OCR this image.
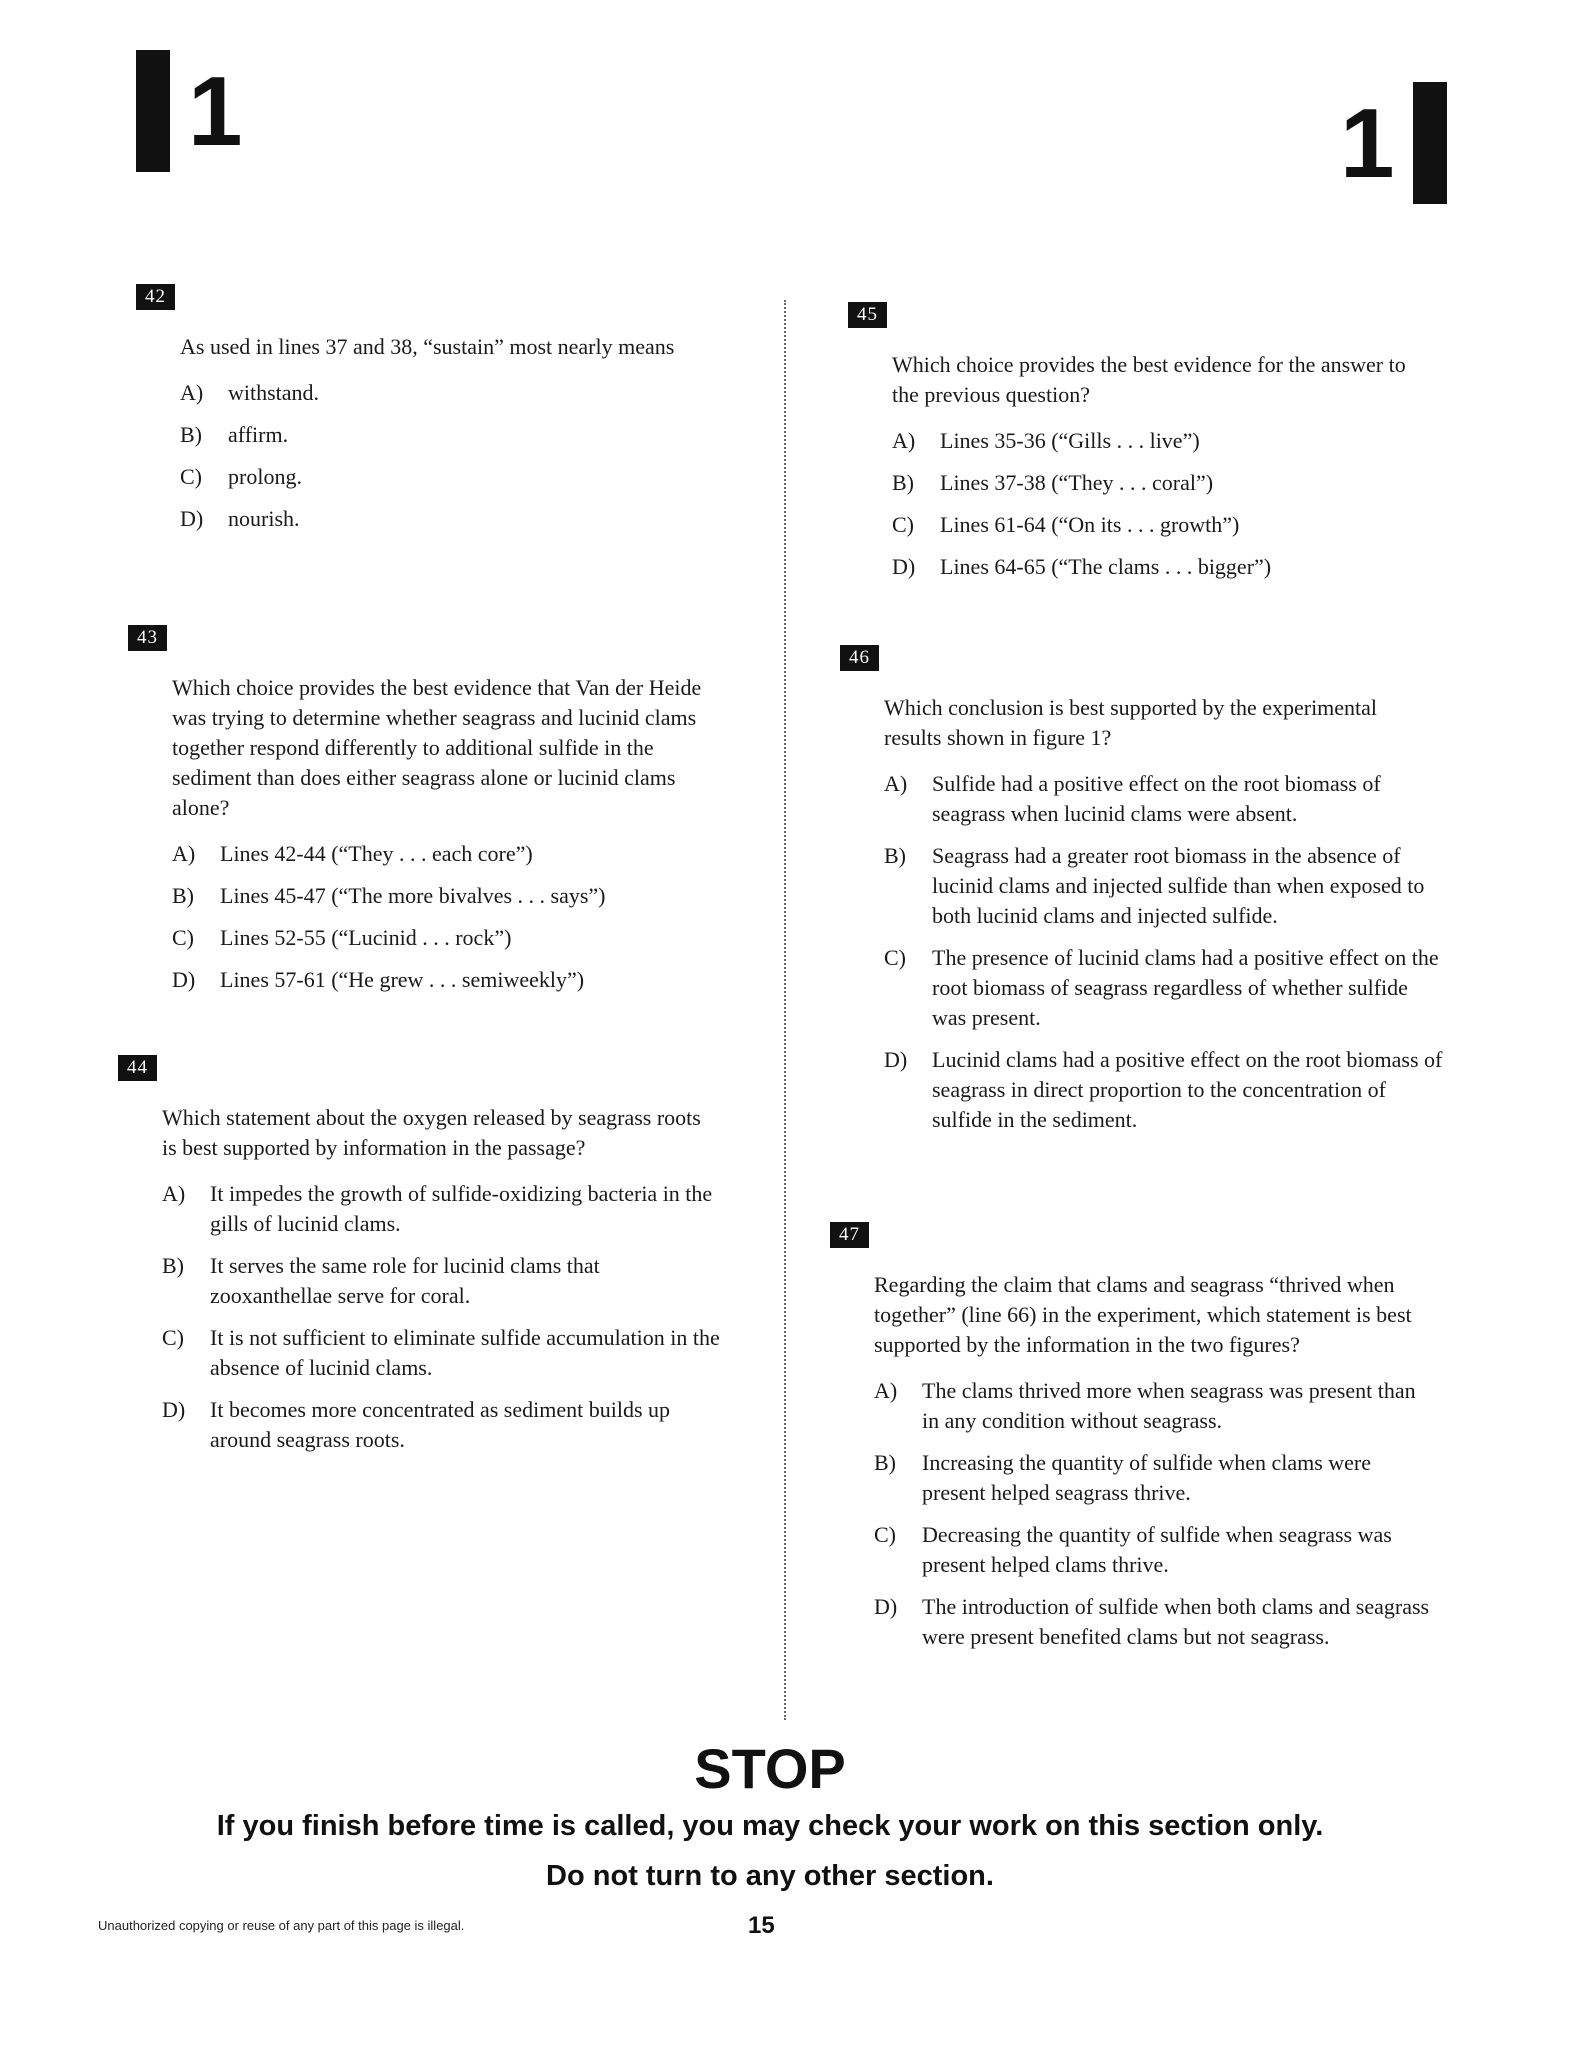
1	1
42
As used in lines 37 and 38, “sustain” most nearly means
A)	withstand.
B)	affirm.
C)	prolong.
D)	nourish.
43
Which choice provides the best evidence that Van der Heide was trying to determine whether seagrass and lucinid clams together respond differently to additional sulfide in the sediment than does either seagrass alone or lucinid clams alone?
A)	Lines 42-44 (“They . . . each core”)
B)	Lines 45-47 (“The more bivalves . . . says”)
C)	Lines 52-55 (“Lucinid . . . rock”)
D)	Lines 57-61 (“He grew . . . semiweekly”)
44
Which statement about the oxygen released by seagrass roots is best supported by information in the passage?
A)	It impedes the growth of sulfide-oxidizing bacteria in the gills of lucinid clams.
B)	It serves the same role for lucinid clams that zooxanthellae serve for coral.
C)	It is not sufficient to eliminate sulfide accumulation in the absence of lucinid clams.
D)	It becomes more concentrated as sediment builds up around seagrass roots.
45
Which choice provides the best evidence for the answer to the previous question?
A)	Lines 35-36 (“Gills . . . live”)
B)	Lines 37-38 (“They . . . coral”)
C)	Lines 61-64 (“On its . . . growth”)
D)	Lines 64-65 (“The clams . . . bigger”)
46
Which conclusion is best supported by the experimental results shown in figure 1?
A)	Sulfide had a positive effect on the root biomass of seagrass when lucinid clams were absent.
B)	Seagrass had a greater root biomass in the absence of lucinid clams and injected sulfide than when exposed to both lucinid clams and injected sulfide.
C)	The presence of lucinid clams had a positive effect on the root biomass of seagrass regardless of whether sulfide was present.
D)	Lucinid clams had a positive effect on the root biomass of seagrass in direct proportion to the concentration of sulfide in the sediment.
47
Regarding the claim that clams and seagrass “thrived when together” (line 66) in the experiment, which statement is best supported by the information in the two figures?
A)	The clams thrived more when seagrass was present than in any condition without seagrass.
B)	Increasing the quantity of sulfide when clams were present helped seagrass thrive.
C)	Decreasing the quantity of sulfide when seagrass was present helped clams thrive.
D)	The introduction of sulfide when both clams and seagrass were present benefited clams but not seagrass.
STOP
If you finish before time is called, you may check your work on this section only.
Do not turn to any other section.
Unauthorized copying or reuse of any part of this page is illegal.	15
